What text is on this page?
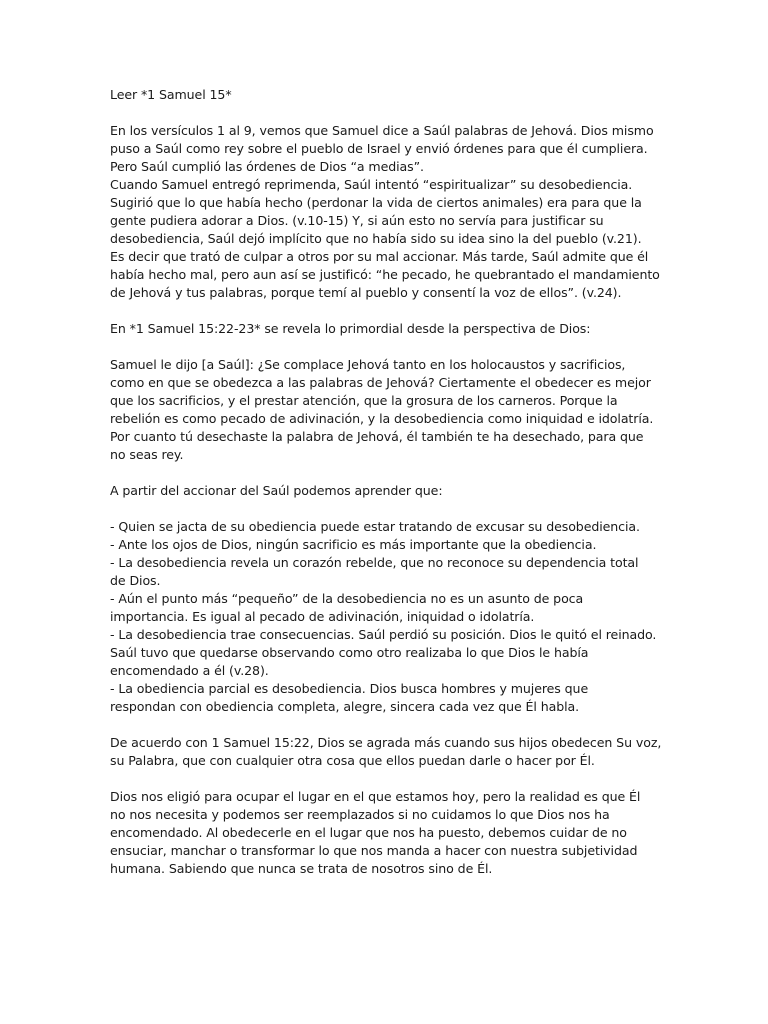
Leer *1 Samuel 15*
En los versículos 1 al 9, vemos que Samuel dice a Saúl palabras de Jehová. Dios mismo
puso a Saúl como rey sobre el pueblo de Israel y envió órdenes para que él cumpliera.
Pero Saúl cumplió las órdenes de Dios “a medias”.
Cuando Samuel entregó reprimenda, Saúl intentó “espiritualizar” su desobediencia.
Sugirió que lo que había hecho (perdonar la vida de ciertos animales) era para que la
gente pudiera adorar a Dios. (v.10-15) Y, si aún esto no servía para justificar su
desobediencia, Saúl dejó implícito que no había sido su idea sino la del pueblo (v.21).
Es decir que trató de culpar a otros por su mal accionar. Más tarde, Saúl admite que él
había hecho mal, pero aun así se justificó: “he pecado, he quebrantado el mandamiento
de Jehová y tus palabras, porque temí al pueblo y consentí la voz de ellos”. (v.24).
En *1 Samuel 15:22-23* se revela lo primordial desde la perspectiva de Dios:
Samuel le dijo [a Saúl]: ¿Se complace Jehová tanto en los holocaustos y sacrificios,
como en que se obedezca a las palabras de Jehová? Ciertamente el obedecer es mejor
que los sacrificios, y el prestar atención, que la grosura de los carneros. Porque la
rebelión es como pecado de adivinación, y la desobediencia como iniquidad e idolatría.
Por cuanto tú desechaste la palabra de Jehová, él también te ha desechado, para que
no seas rey.
A partir del accionar del Saúl podemos aprender que:
- Quien se jacta de su obediencia puede estar tratando de excusar su desobediencia.
- Ante los ojos de Dios, ningún sacrificio es más importante que la obediencia.
- La desobediencia revela un corazón rebelde, que no reconoce su dependencia total
de Dios.
- Aún el punto más “pequeño” de la desobediencia no es un asunto de poca
importancia. Es igual al pecado de adivinación, iniquidad o idolatría.
- La desobediencia trae consecuencias. Saúl perdió su posición. Dios le quitó el reinado.
Saúl tuvo que quedarse observando como otro realizaba lo que Dios le había
encomendado a él (v.28).
- La obediencia parcial es desobediencia. Dios busca hombres y mujeres que
respondan con obediencia completa, alegre, sincera cada vez que Él habla.
De acuerdo con 1 Samuel 15:22, Dios se agrada más cuando sus hijos obedecen Su voz,
su Palabra, que con cualquier otra cosa que ellos puedan darle o hacer por Él.
Dios nos eligió para ocupar el lugar en el que estamos hoy, pero la realidad es que Él
no nos necesita y podemos ser reemplazados si no cuidamos lo que Dios nos ha
encomendado. Al obedecerle en el lugar que nos ha puesto, debemos cuidar de no
ensuciar, manchar o transformar lo que nos manda a hacer con nuestra subjetividad
humana. Sabiendo que nunca se trata de nosotros sino de Él.
